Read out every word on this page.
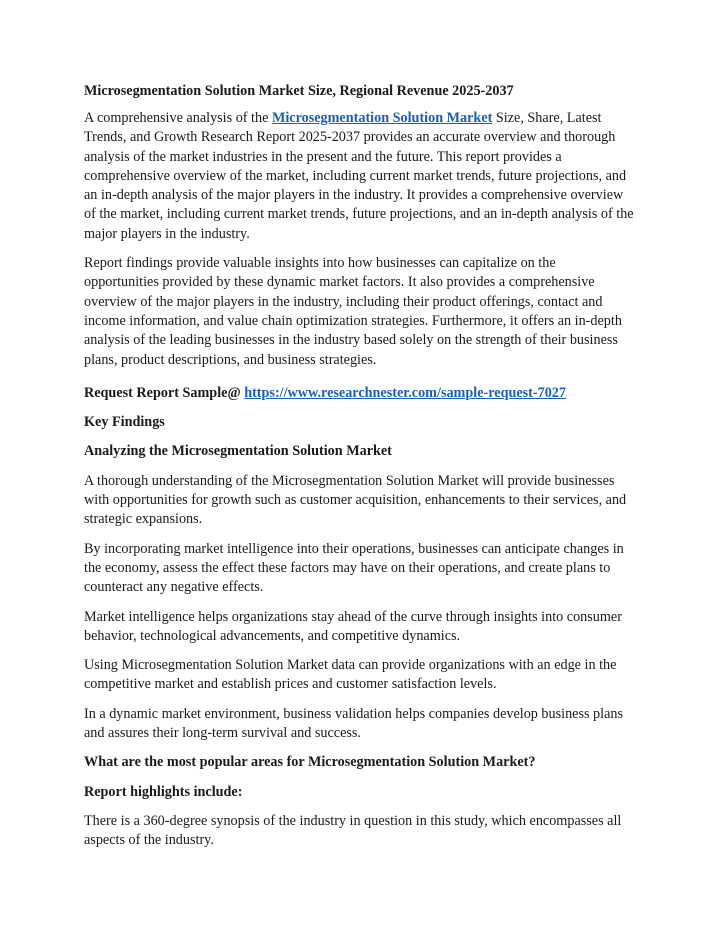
Microsegmentation Solution Market Size, Regional Revenue 2025-2037

A comprehensive analysis of the Microsegmentation Solution Market Size, Share, Latest Trends, and Growth Research Report 2025-2037 provides an accurate overview and thorough analysis of the market industries in the present and the future. This report provides a comprehensive overview of the market, including current market trends, future projections, and an in-depth analysis of the major players in the industry. It provides a comprehensive overview of the market, including current market trends, future projections, and an in-depth analysis of the major players in the industry.

Report findings provide valuable insights into how businesses can capitalize on the opportunities provided by these dynamic market factors. It also provides a comprehensive overview of the major players in the industry, including their product offerings, contact and income information, and value chain optimization strategies. Furthermore, it offers an in-depth analysis of the leading businesses in the industry based solely on the strength of their business plans, product descriptions, and business strategies.

Request Report Sample@ https://www.researchnester.com/sample-request-7027

Key Findings

Analyzing the Microsegmentation Solution Market

A thorough understanding of the Microsegmentation Solution Market will provide businesses with opportunities for growth such as customer acquisition, enhancements to their services, and strategic expansions.

By incorporating market intelligence into their operations, businesses can anticipate changes in the economy, assess the effect these factors may have on their operations, and create plans to counteract any negative effects.

Market intelligence helps organizations stay ahead of the curve through insights into consumer behavior, technological advancements, and competitive dynamics.

Using Microsegmentation Solution Market data can provide organizations with an edge in the competitive market and establish prices and customer satisfaction levels.

In a dynamic market environment, business validation helps companies develop business plans and assures their long-term survival and success.

What are the most popular areas for Microsegmentation Solution Market?

Report highlights include:

There is a 360-degree synopsis of the industry in question in this study, which encompasses all aspects of the industry.
